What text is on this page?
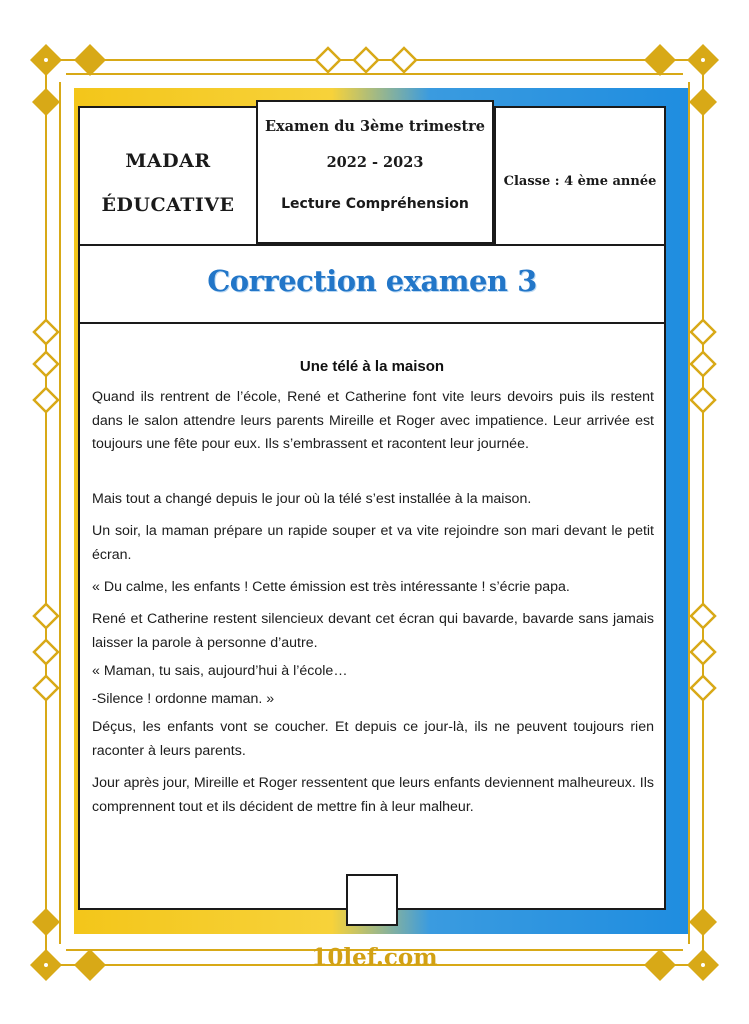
MADAR
ÉDUCATIVE
Examen du 3ème trimestre
2022 - 2023
Lecture Compréhension
Classe : 4 ème année
Correction examen 3
Une télé à la maison

Quand ils rentrent de l’école, René et Catherine font vite leurs devoirs puis ils restent dans le salon attendre leurs parents Mireille et Roger avec impatience. Leur arrivée est toujours une fête pour eux. Ils s’embrassent et racontent leur journée.

Mais tout a changé depuis le jour où la télé s’est installée à la maison.

Un soir, la maman prépare un rapide souper et va vite rejoindre son mari devant le petit écran.

« Du calme, les enfants ! Cette émission est très intéressante ! s’écrie papa.

René et Catherine restent silencieux devant cet écran qui bavarde, bavarde sans jamais laisser la parole à personne d’autre.

« Maman, tu sais, aujourd’hui à l’école…

-Silence ! ordonne maman. »

Déçus, les enfants vont se coucher. Et depuis ce jour-là, ils ne peuvent toujours rien raconter à leurs parents.

Jour après jour, Mireille et Roger ressentent que leurs enfants deviennent malheureux. Ils comprennent tout et ils décident de mettre fin à leur malheur.

10lef.com
